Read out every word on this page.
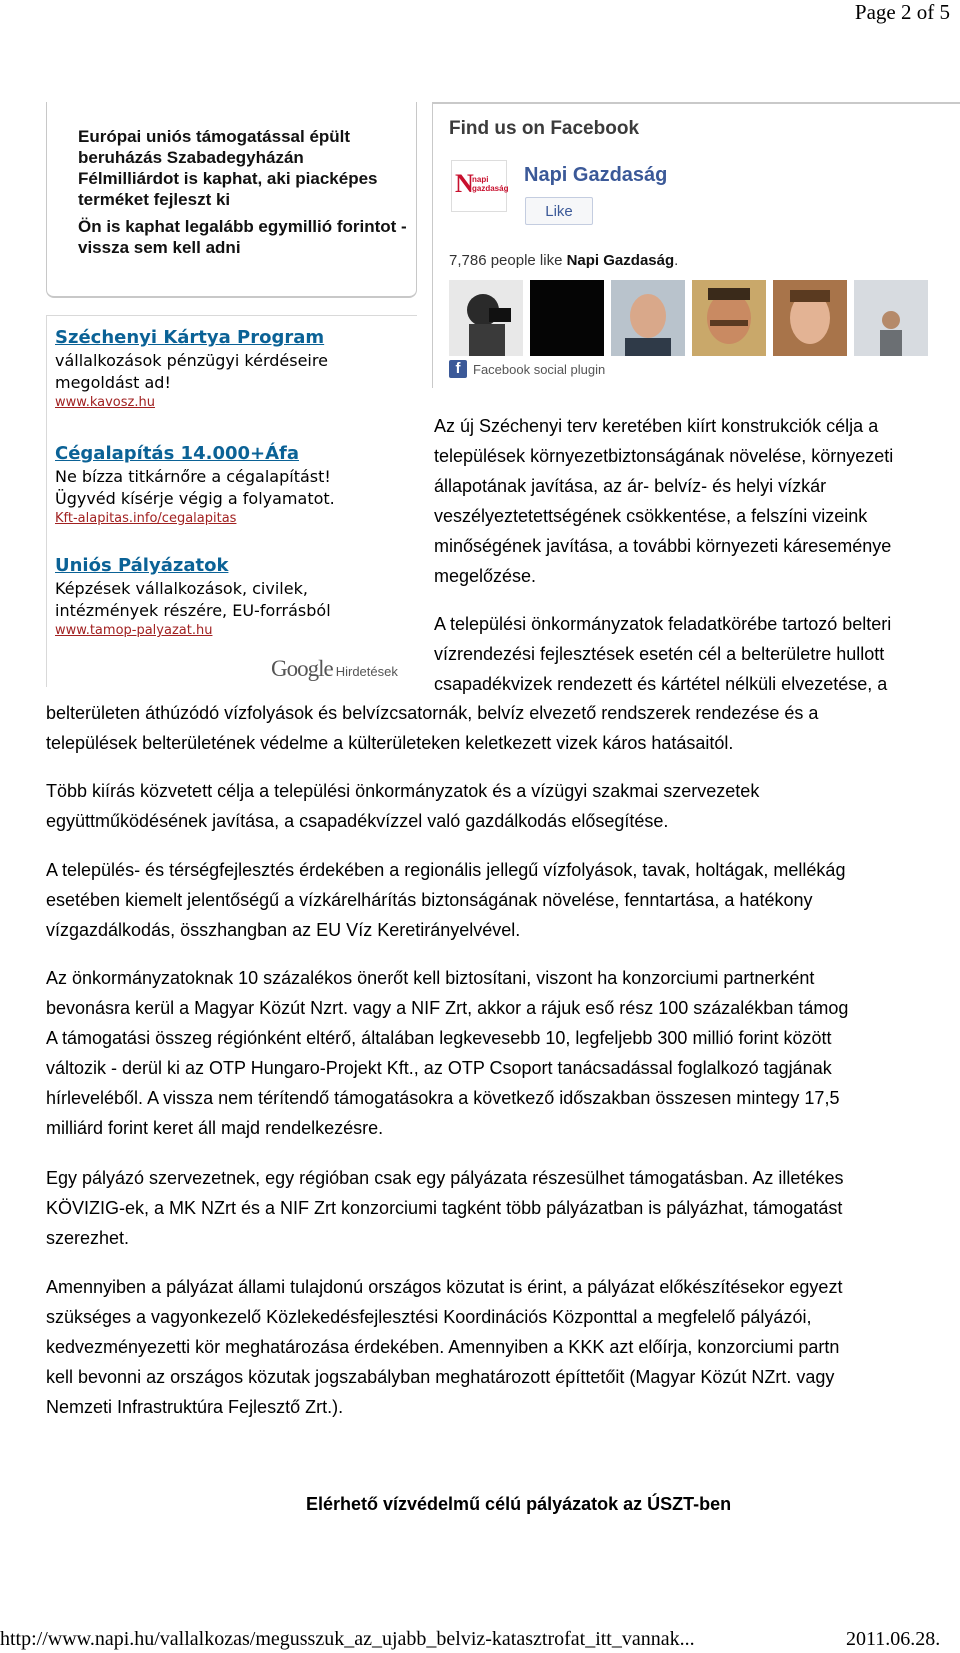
Page 2 of 5
Európai uniós támogatással épült beruházás Szabadegyházán
Félmilliárdot is kaphat, aki piacképes terméket fejleszt ki
Ön is kaphat legalább egymillió forintot - vissza sem kell adni
Find us on Facebook
N
napi gazdaság
Napi Gazdaság
Like
7,786 people like Napi Gazdaság.
f Facebook social plugin
Széchenyi Kártya Program
vállalkozások pénzügyi kérdéseire
megoldást ad!
www.kavosz.hu
Cégalapítás 14.000+Áfa
Ne bízza titkárnőre a cégalapítást!
Ügyvéd kísérje végig a folyamatot.
Kft-alapitas.info/cegalapitas
Uniós Pályázatok
Képzések vállalkozások, civilek,
intézmények részére, EU-forrásból
www.tamop-palyazat.hu
Google Hirdetések
Az új Széchenyi terv keretében kiírt konstrukciók célja a
települések környezetbiztonságának növelése, környezeti
állapotának javítása, az ár- belvíz- és helyi vízkár
veszélyeztetettségének csökkentése, a felszíni vizeink
minőségének javítása, a további környezeti káreseménye
megelőzése.
A települési önkormányzatok feladatkörébe tartozó belteri
vízrendezési fejlesztések esetén cél a belterületre hullott
csapadékvizek rendezett és kártétel nélküli elvezetése, a
belterületen áthúzódó vízfolyások és belvízcsatornák, belvíz elvezető rendszerek rendezése és a
települések belterületének védelme a külterületeken keletkezett vizek káros hatásaitól.
Több kiírás közvetett célja a települési önkormányzatok és a vízügyi szakmai szervezetek
együttműködésének javítása, a csapadékvízzel való gazdálkodás elősegítése.
A település- és térségfejlesztés érdekében a regionális jellegű vízfolyások, tavak, holtágak, mellékág
esetében kiemelt jelentőségű a vízkárelhárítás biztonságának növelése, fenntartása, a hatékony
vízgazdálkodás, összhangban az EU Víz Keretirányelvével.
Az önkormányzatoknak 10 százalékos önerőt kell biztosítani, viszont ha konzorciumi partnerként
bevonásra kerül a Magyar Közút Nzrt. vagy a NIF Zrt, akkor a rájuk eső rész 100 százalékban támog
A támogatási összeg régiónként eltérő, általában legkevesebb 10, legfeljebb 300 millió forint között
változik - derül ki az OTP Hungaro-Projekt Kft., az OTP Csoport tanácsadással foglalkozó tagjának
hírleveléből. A vissza nem térítendő támogatásokra a következő időszakban összesen mintegy 17,5
milliárd forint keret áll majd rendelkezésre.
Egy pályázó szervezetnek, egy régióban csak egy pályázata részesülhet támogatásban. Az illetékes
KÖVIZIG-ek, a MK NZrt és a NIF Zrt konzorciumi tagként több pályázatban is pályázhat, támogatást
szerezhet.
Amennyiben a pályázat állami tulajdonú országos közutat is érint, a pályázat előkészítésekor egyezt
szükséges a vagyonkezelő Közlekedésfejlesztési Koordinációs Központtal a megfelelő pályázói,
kedvezményezetti kör meghatározása érdekében. Amennyiben a KKK azt előírja, konzorciumi partn
kell bevonni az országos közutak jogszabályban meghatározott építtetőit (Magyar Közút NZrt. vagy
Nemzeti Infrastruktúra Fejlesztő Zrt.).
Elérhető vízvédelmű célú pályázatok az ÚSZT-ben
http://www.napi.hu/vallalkozas/megusszuk_az_ujabb_belviz-katasztrofat_itt_vannak...	2011.06.28.
